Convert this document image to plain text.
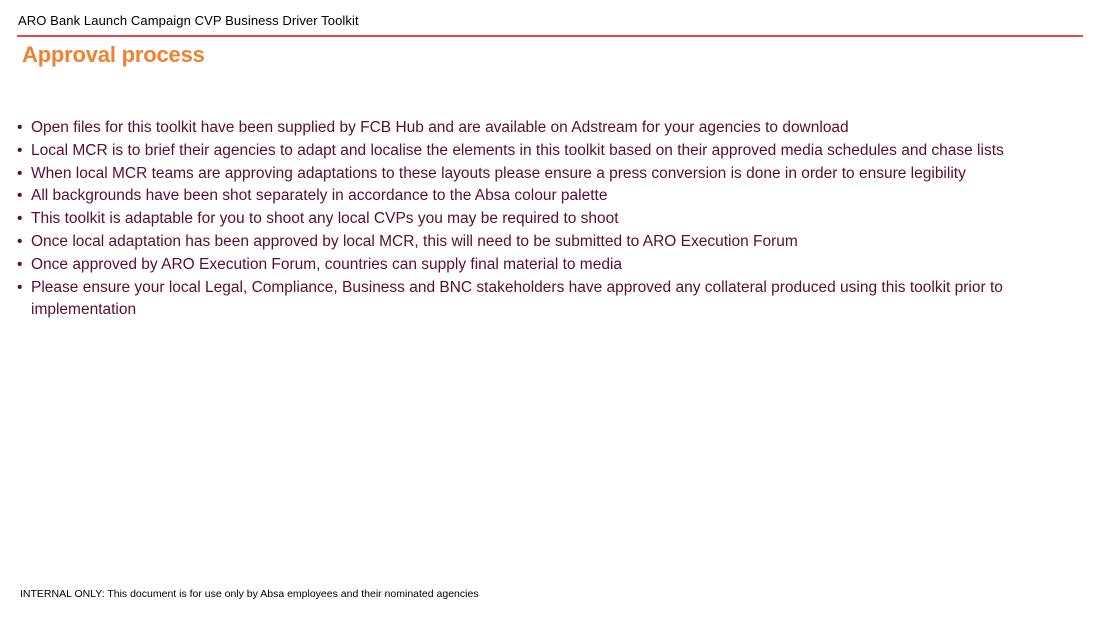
ARO Bank Launch Campaign CVP Business Driver Toolkit
Approval process
• Open files for this toolkit have been supplied by FCB Hub and are available on Adstream for your agencies to download
• Local MCR is to brief their agencies to adapt and localise the elements in this toolkit based on their approved media schedules and chase lists
• When local MCR teams are approving adaptations to these layouts please ensure a press conversion is done in order to ensure legibility
• All backgrounds have been shot separately in accordance to the Absa colour palette
• This toolkit is adaptable for you to shoot any local CVPs you may be required to shoot
• Once local adaptation has been approved by local MCR, this will need to be submitted to ARO Execution Forum
• Once approved by ARO Execution Forum, countries can supply final material to media
• Please ensure your local Legal, Compliance, Business and BNC stakeholders have approved any collateral produced using this toolkit prior to implementation
INTERNAL ONLY: This document is for use only by Absa employees and their nominated agencies
